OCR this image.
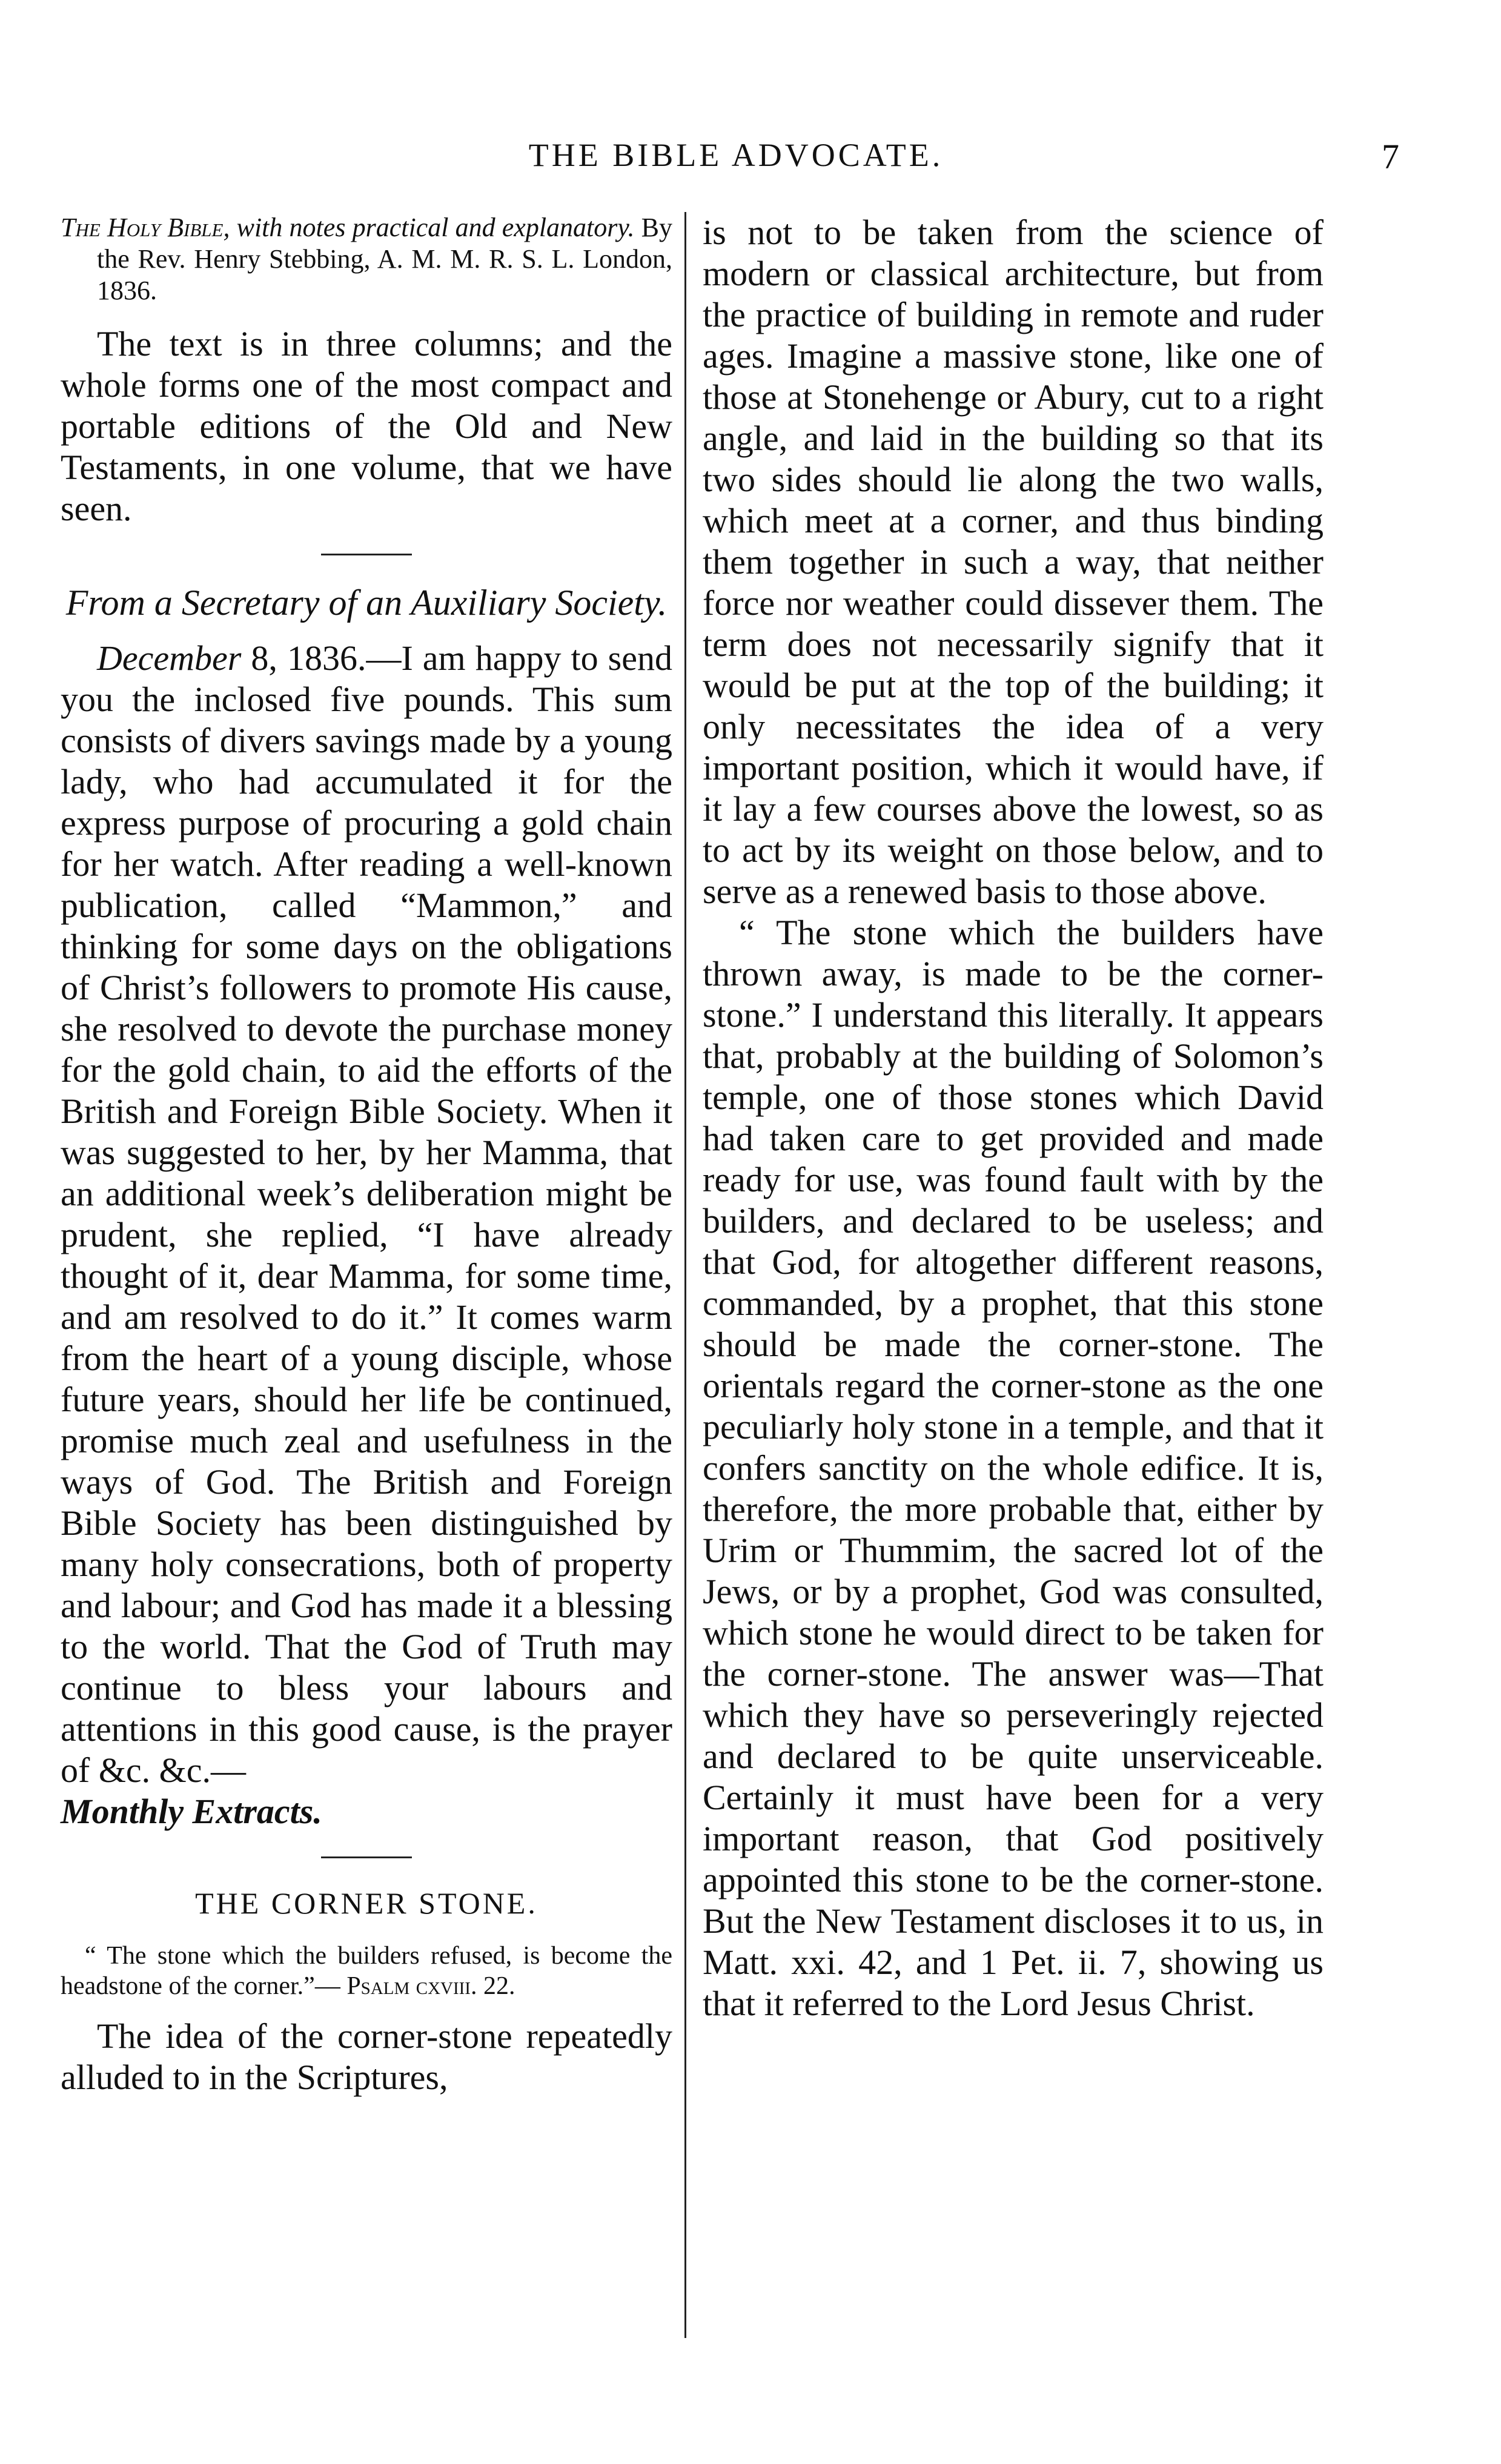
THE BIBLE ADVOCATE.	7

The Holy Bible, with notes practical and explanatory. By the Rev. Henry Stebbing, A. M. M. R. S. L. London, 1836.

The text is in three columns; and the whole forms one of the most compact and portable editions of the Old and New Testaments, in one volume, that we have seen.

From a Secretary of an Auxiliary Society.

December 8, 1836.—I am happy to send you the inclosed five pounds. This sum consists of divers savings made by a young lady, who had accumulated it for the express purpose of procuring a gold chain for her watch. After reading a well-known publication, called “Mammon,” and thinking for some days on the obligations of Christ’s followers to promote His cause, she resolved to devote the purchase money for the gold chain, to aid the efforts of the British and Foreign Bible Society. When it was suggested to her, by her Mamma, that an additional week’s deliberation might be prudent, she replied, “I have already thought of it, dear Mamma, for some time, and am resolved to do it.” It comes warm from the heart of a young disciple, whose future years, should her life be continued, promise much zeal and usefulness in the ways of God. The British and Foreign Bible Society has been distinguished by many holy consecrations, both of property and labour; and God has made it a blessing to the world. That the God of Truth may continue to bless your labours and attentions in this good cause, is the prayer of &c. &c.—
Monthly Extracts.

THE CORNER STONE.

“ The stone which the builders refused, is become the headstone of the corner.”— Psalm cxviii. 22.

The idea of the corner-stone repeatedly alluded to in the Scriptures,

is not to be taken from the science of modern or classical architecture, but from the practice of building in remote and ruder ages. Imagine a massive stone, like one of those at Stonehenge or Abury, cut to a right angle, and laid in the building so that its two sides should lie along the two walls, which meet at a corner, and thus binding them together in such a way, that neither force nor weather could dissever them. The term does not necessarily signify that it would be put at the top of the building; it only necessitates the idea of a very important position, which it would have, if it lay a few courses above the lowest, so as to act by its weight on those below, and to serve as a renewed basis to those above.

“ The stone which the builders have thrown away, is made to be the corner-stone.” I understand this literally. It appears that, probably at the building of Solomon’s temple, one of those stones which David had taken care to get provided and made ready for use, was found fault with by the builders, and declared to be useless; and that God, for altogether different reasons, commanded, by a prophet, that this stone should be made the corner-stone. The orientals regard the corner-stone as the one peculiarly holy stone in a temple, and that it confers sanctity on the whole edifice. It is, therefore, the more probable that, either by Urim or Thummim, the sacred lot of the Jews, or by a prophet, God was consulted, which stone he would direct to be taken for the corner-stone. The answer was—That which they have so perseveringly rejected and declared to be quite unserviceable. Certainly it must have been for a very important reason, that God positively appointed this stone to be the corner-stone. But the New Testament discloses it to us, in Matt. xxi. 42, and 1 Pet. ii. 7, showing us that it referred to the Lord Jesus Christ.
